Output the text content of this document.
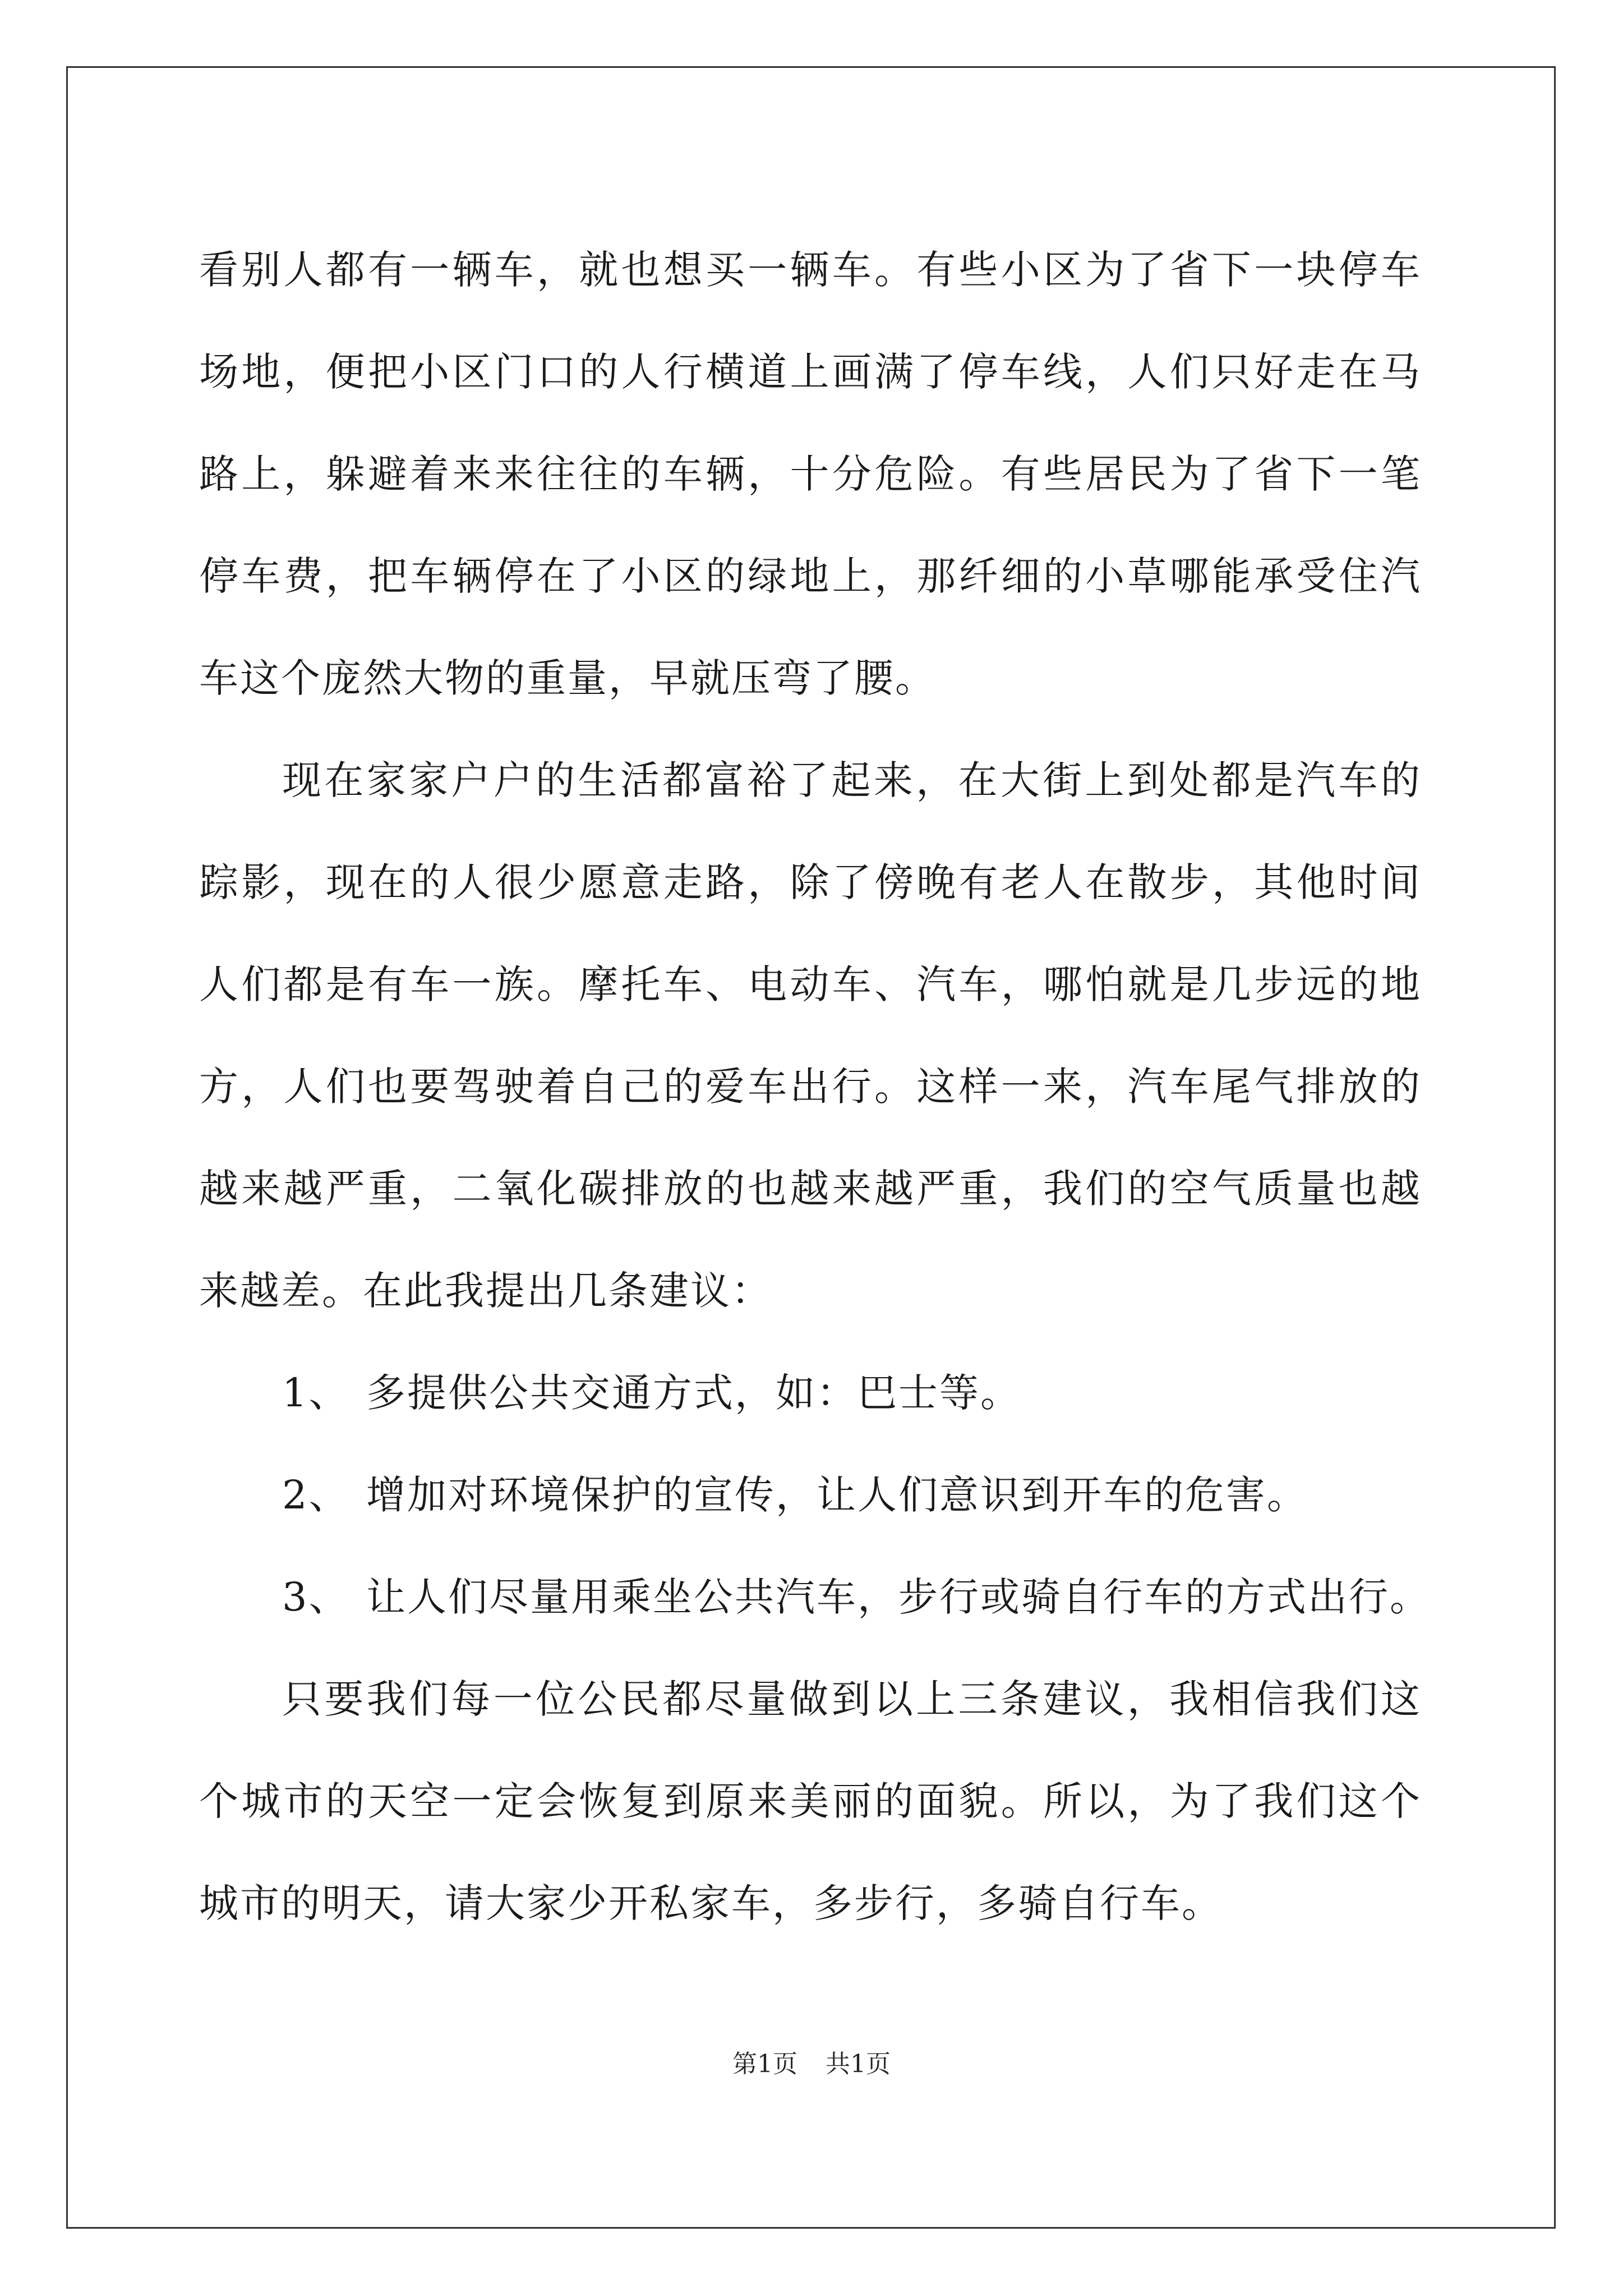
看别人都有一辆车，就也想买一辆车。有些小区为了省下一块停车场地，便把小区门口的人行横道上画满了停车线，人们只好走在马路上，躲避着来来往往的车辆，十分危险。有些居民为了省下一笔停车费，把车辆停在了小区的绿地上，那纤细的小草哪能承受住汽车这个庞然大物的重量，早就压弯了腰。

现在家家户户的生活都富裕了起来，在大街上到处都是汽车的踪影，现在的人很少愿意走路，除了傍晚有老人在散步，其他时间人们都是有车一族。摩托车、电动车、汽车，哪怕就是几步远的地方，人们也要驾驶着自己的爱车出行。这样一来，汽车尾气排放的越来越严重，二氧化碳排放的也越来越严重，我们的空气质量也越来越差。在此我提出几条建议：

1、 多提供公共交通方式，如：巴士等。
2、 增加对环境保护的宣传，让人们意识到开车的危害。
3、 让人们尽量用乘坐公共汽车，步行或骑自行车的方式出行。

只要我们每一位公民都尽量做到以上三条建议，我相信我们这个城市的天空一定会恢复到原来美丽的面貌。所以，为了我们这个城市的明天，请大家少开私家车，多步行，多骑自行车。

第1页 共1页
